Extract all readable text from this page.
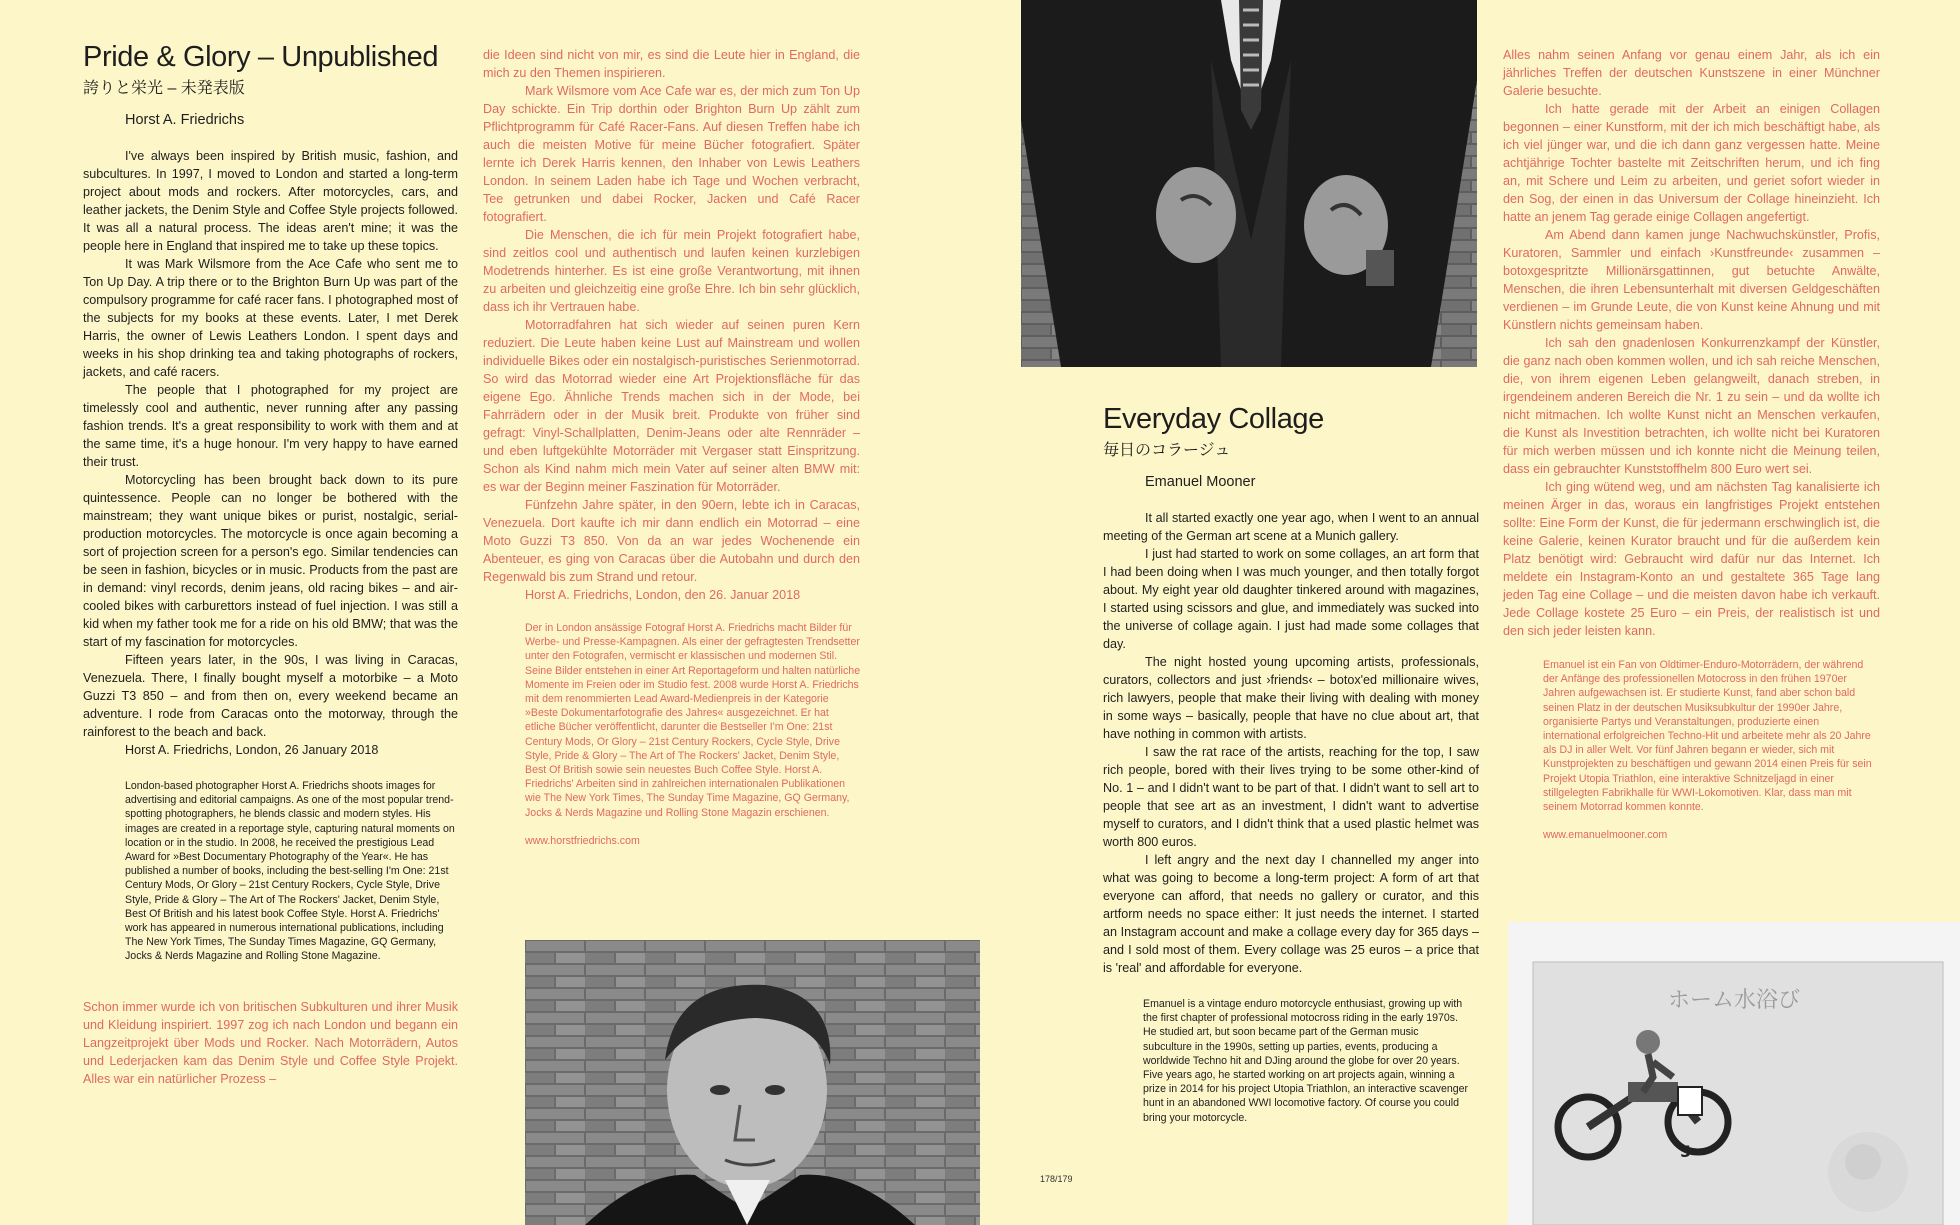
Pride & Glory – Unpublished
誇りと栄光 – 未発表版
Horst A. Friedrichs

I've always been inspired by British music, fashion, and subcultures. In 1997, I moved to London and started a long-term project about mods and rockers. After motorcycles, cars, and leather jackets, the Denim Style and Coffee Style projects followed. It was all a natural process. The ideas aren't mine; it was the people here in England that inspired me to take up these topics.

It was Mark Wilsmore from the Ace Cafe who sent me to Ton Up Day. A trip there or to the Brighton Burn Up was part of the compulsory programme for café racer fans. I photographed most of the subjects for my books at these events. Later, I met Derek Harris, the owner of Lewis Leathers London. I spent days and weeks in his shop drinking tea and taking photographs of rockers, jackets, and café racers.

The people that I photographed for my project are timelessly cool and authentic, never running after any passing fashion trends. It's a great responsibility to work with them and at the same time, it's a huge honour. I'm very happy to have earned their trust.

Motorcycling has been brought back down to its pure quintessence. People can no longer be bothered with the mainstream; they want unique bikes or purist, nostalgic, serial-production motorcycles. The motorcycle is once again becoming a sort of projection screen for a person's ego. Similar tendencies can be seen in fashion, bicycles or in music. Products from the past are in demand: vinyl records, denim jeans, old racing bikes – and air-cooled bikes with carburettors instead of fuel injection. I was still a kid when my father took me for a ride on his old BMW; that was the start of my fascination for motorcycles.

Fifteen years later, in the 90s, I was living in Caracas, Venezuela. There, I finally bought myself a motorbike – a Moto Guzzi T3 850 – and from then on, every weekend became an adventure. I rode from Caracas onto the motorway, through the rainforest to the beach and back.

Horst A. Friedrichs, London, 26 January 2018

London-based photographer Horst A. Friedrichs shoots images for advertising and editorial campaigns. As one of the most popular trend-spotting photographers, he blends classic and modern styles. His images are created in a reportage style, capturing natural moments on location or in the studio. In 2008, he received the prestigious Lead Award for »Best Documentary Photography of the Year«. He has published a number of books, including the best-selling I'm One: 21st Century Mods, Or Glory – 21st Century Rockers, Cycle Style, Drive Style, Pride & Glory – The Art of The Rockers' Jacket, Denim Style, Best Of British and his latest book Coffee Style. Horst A. Friedrichs' work has appeared in numerous international publications, including The New York Times, The Sunday Times Magazine, GQ Germany, Jocks & Nerds Magazine and Rolling Stone Magazine.

Schon immer wurde ich von britischen Subkulturen und ihrer Musik und Kleidung inspiriert. 1997 zog ich nach London und begann ein Langzeitprojekt über Mods und Rocker. Nach Motorrädern, Autos und Lederjacken kam das Denim Style und Coffee Style Projekt. Alles war ein natürlicher Prozess –

die Ideen sind nicht von mir, es sind die Leute hier in England, die mich zu den Themen inspirieren.

Mark Wilsmore vom Ace Cafe war es, der mich zum Ton Up Day schickte. Ein Trip dorthin oder Brighton Burn Up zählt zum Pflichtprogramm für Café Racer-Fans. Auf diesen Treffen habe ich auch die meisten Motive für meine Bücher fotografiert. Später lernte ich Derek Harris kennen, den Inhaber von Lewis Leathers London. In seinem Laden habe ich Tage und Wochen verbracht, Tee getrunken und dabei Rocker, Jacken und Café Racer fotografiert.

Die Menschen, die ich für mein Projekt fotografiert habe, sind zeitlos cool und authentisch und laufen keinen kurzlebigen Modetrends hinterher. Es ist eine große Verantwortung, mit ihnen zu arbeiten und gleichzeitig eine große Ehre. Ich bin sehr glücklich, dass ich ihr Vertrauen habe.

Motorradfahren hat sich wieder auf seinen puren Kern reduziert. Die Leute haben keine Lust auf Mainstream und wollen individuelle Bikes oder ein nostalgisch-puristisches Serienmotorrad. So wird das Motorrad wieder eine Art Projektionsfläche für das eigene Ego. Ähnliche Trends machen sich in der Mode, bei Fahrrädern oder in der Musik breit. Produkte von früher sind gefragt: Vinyl-Schallplatten, Denim-Jeans oder alte Rennräder – und eben luftgekühlte Motorräder mit Vergaser statt Einspritzung. Schon als Kind nahm mich mein Vater auf seiner alten BMW mit: es war der Beginn meiner Faszination für Motorräder.

Fünfzehn Jahre später, in den 90ern, lebte ich in Caracas, Venezuela. Dort kaufte ich mir dann endlich ein Motorrad – eine Moto Guzzi T3 850. Von da an war jedes Wochenende ein Abenteuer, es ging von Caracas über die Autobahn und durch den Regenwald bis zum Strand und retour.

Horst A. Friedrichs, London, den 26. Januar 2018

Der in London ansässige Fotograf Horst A. Friedrichs macht Bilder für Werbe- und Presse-Kampagnen. Als einer der gefragtesten Trendsetter unter den Fotografen, vermischt er klassischen und modernen Stil. Seine Bilder entstehen in einer Art Reportageform und halten natürliche Momente im Freien oder im Studio fest. 2008 wurde Horst A. Friedrichs mit dem renommierten Lead Award-Medienpreis in der Kategorie »Beste Dokumentarfotografie des Jahres« ausgezeichnet. Er hat etliche Bücher veröffentlicht, darunter die Bestseller I'm One: 21st Century Mods, Or Glory – 21st Century Rockers, Cycle Style, Drive Style, Pride & Glory – The Art of The Rockers' Jacket, Denim Style, Best Of British sowie sein neuestes Buch Coffee Style. Horst A. Friedrichs' Arbeiten sind in zahlreichen internationalen Publikationen wie The New York Times, The Sunday Time Magazine, GQ Germany, Jocks & Nerds Magazine und Rolling Stone Magazin erschienen.

www.horstfriedrichs.com
Everyday Collage
毎日のコラージュ
Emanuel Mooner

It all started exactly one year ago, when I went to an annual meeting of the German art scene at a Munich gallery.

I just had started to work on some collages, an art form that I had been doing when I was much younger, and then totally forgot about. My eight year old daughter tinkered around with magazines, I started using scissors and glue, and immediately was sucked into the universe of collage again. I just had made some collages that day.

The night hosted young upcoming artists, professionals, curators, collectors and just ›friends‹ – botox'ed millionaire wives, rich lawyers, people that make their living with dealing with money in some ways – basically, people that have no clue about art, that have nothing in common with artists.

I saw the rat race of the artists, reaching for the top, I saw rich people, bored with their lives trying to be some other-kind of No. 1 – and I didn't want to be part of that. I didn't want to sell art to people that see art as an investment, I didn't want to advertise myself to curators, and I didn't think that a used plastic helmet was worth 800 euros.

I left angry and the next day I channelled my anger into what was going to become a long-term project: A form of art that everyone can afford, that needs no gallery or curator, and this artform needs no space either: It just needs the internet. I started an Instagram account and make a collage every day for 365 days – and I sold most of them. Every collage was 25 euros – a price that is 'real' and affordable for everyone.

Emanuel is a vintage enduro motorcycle enthusiast, growing up with the first chapter of professional motocross riding in the early 1970s. He studied art, but soon became part of the German music subculture in the 1990s, setting up parties, events, producing a worldwide Techno hit and DJing around the globe for over 20 years. Five years ago, he started working on art projects again, winning a prize in 2014 for his project Utopia Triathlon, an interactive scavenger hunt in an abandoned WWI locomotive factory. Of course you could bring your motorcycle.

Alles nahm seinen Anfang vor genau einem Jahr, als ich ein jährliches Treffen der deutschen Kunstszene in einer Münchner Galerie besuchte.

Ich hatte gerade mit der Arbeit an einigen Collagen begonnen – einer Kunstform, mit der ich mich beschäftigt habe, als ich viel jünger war, und die ich dann ganz vergessen hatte. Meine achtjährige Tochter bastelte mit Zeitschriften herum, und ich fing an, mit Schere und Leim zu arbeiten, und geriet sofort wieder in den Sog, der einen in das Universum der Collage hineinzieht. Ich hatte an jenem Tag gerade einige Collagen angefertigt.

Am Abend dann kamen junge Nachwuchskünstler, Profis, Kuratoren, Sammler und einfach ›Kunstfreunde‹ zusammen – botoxgespritzte Millionärsgattinnen, gut betuchte Anwälte, Menschen, die ihren Lebensunterhalt mit diversen Geldgeschäften verdienen – im Grunde Leute, die von Kunst keine Ahnung und mit Künstlern nichts gemeinsam haben.

Ich sah den gnadenlosen Konkurrenzkampf der Künstler, die ganz nach oben kommen wollen, und ich sah reiche Menschen, die, von ihrem eigenen Leben gelangweilt, danach streben, in irgendeinem anderen Bereich die Nr. 1 zu sein – und da wollte ich nicht mitmachen. Ich wollte Kunst nicht an Menschen verkaufen, die Kunst als Investition betrachten, ich wollte nicht bei Kuratoren für mich werben müssen und ich konnte nicht die Meinung teilen, dass ein gebrauchter Kunststoffhelm 800 Euro wert sei.

Ich ging wütend weg, und am nächsten Tag kanalisierte ich meinen Ärger in das, woraus ein langfristiges Projekt entstehen sollte: Eine Form der Kunst, die für jedermann erschwinglich ist, die keine Galerie, keinen Kurator braucht und für die außerdem kein Platz benötigt wird: Gebraucht wird dafür nur das Internet. Ich meldete ein Instagram-Konto an und gestaltete 365 Tage lang jeden Tag eine Collage – und die meisten davon habe ich verkauft. Jede Collage kostete 25 Euro – ein Preis, der realistisch ist und den sich jeder leisten kann.

Emanuel ist ein Fan von Oldtimer-Enduro-Motorrädern, der während der Anfänge des professionellen Motocross in den frühen 1970er Jahren aufgewachsen ist. Er studierte Kunst, fand aber schon bald seinen Platz in der deutschen Musiksubkultur der 1990er Jahre, organisierte Partys und Veranstaltungen, produzierte einen international erfolgreichen Techno-Hit und arbeitete mehr als 20 Jahre als DJ in aller Welt. Vor fünf Jahren begann er wieder, sich mit Kunstprojekten zu beschäftigen und gewann 2014 einen Preis für sein Projekt Utopia Triathlon, eine interaktive Schnitzeljagd in einer stillgelegten Fabrikhalle für WWI-Lokomotiven. Klar, dass man mit seinem Motorrad kommen konnte.

www.emanuelmooner.com
ホーム水浴び
5
178/179
